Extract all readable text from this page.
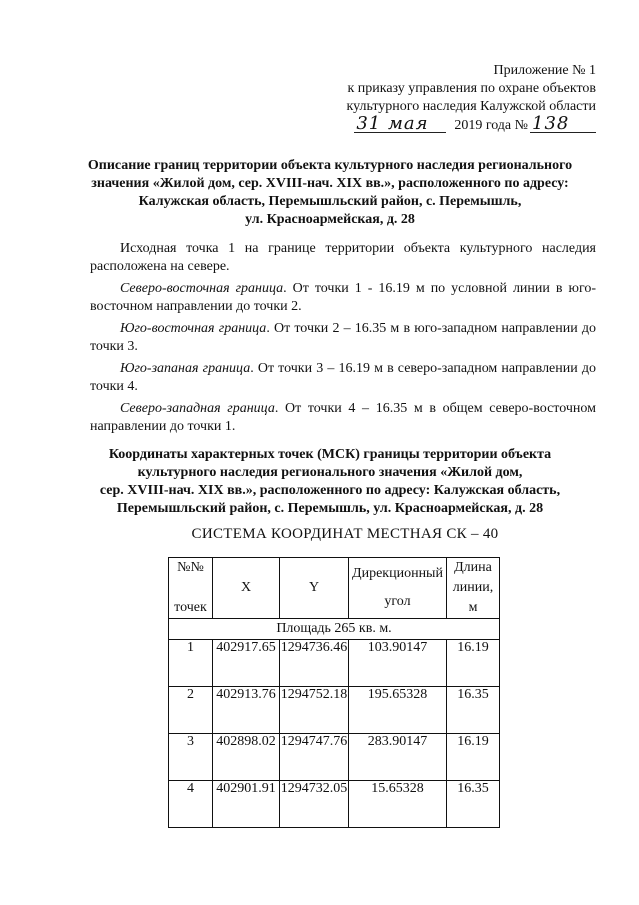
Приложение № 1
к приказу управления по охране объектов
культурного наследия Калужской области
31 мая 2019 года № 138
Описание границ территории объекта культурного наследия регионального
значения «Жилой дом, сер. XVIII-нач. XIX вв.», расположенного по адресу:
Калужская область, Перемышльский район, с. Перемышль,
ул. Красноармейская, д. 28

Исходная точка 1 на границе территории объекта культурного наследия расположена на севере.

Северо-восточная граница. От точки 1 - 16.19 м по условной линии в юго-восточном направлении до точки 2.

Юго-восточная граница. От точки 2 – 16.35 м в юго-западном направлении до точки 3.

Юго-запаная граница. От точки 3 – 16.19 м в северо-западном направлении до точки 4.

Северо-западная граница. От точки 4 – 16.35 м в общем северо-восточном направлении до точки 1.

Координаты характерных точек (МСК) границы территории объекта
культурного наследия регионального значения «Жилой дом,
сер. XVIII-нач. XIX вв.», расположенного по адресу: Калужская область,
Перемышльский район, с. Перемышль, ул. Красноармейская, д. 28
СИСТЕМА КООРДИНАТ МЕСТНАЯ СК – 40
№№
точек	X	Y	Дирекционный
угол	Длина
линии,
м

Площадь 265 кв. м.				
1	402917.65	1294736.46	103.90147	16.19
2	402913.76	1294752.18	195.65328	16.35
3	402898.02	1294747.76	283.90147	16.19
4	402901.91	1294732.05	15.65328	16.35
